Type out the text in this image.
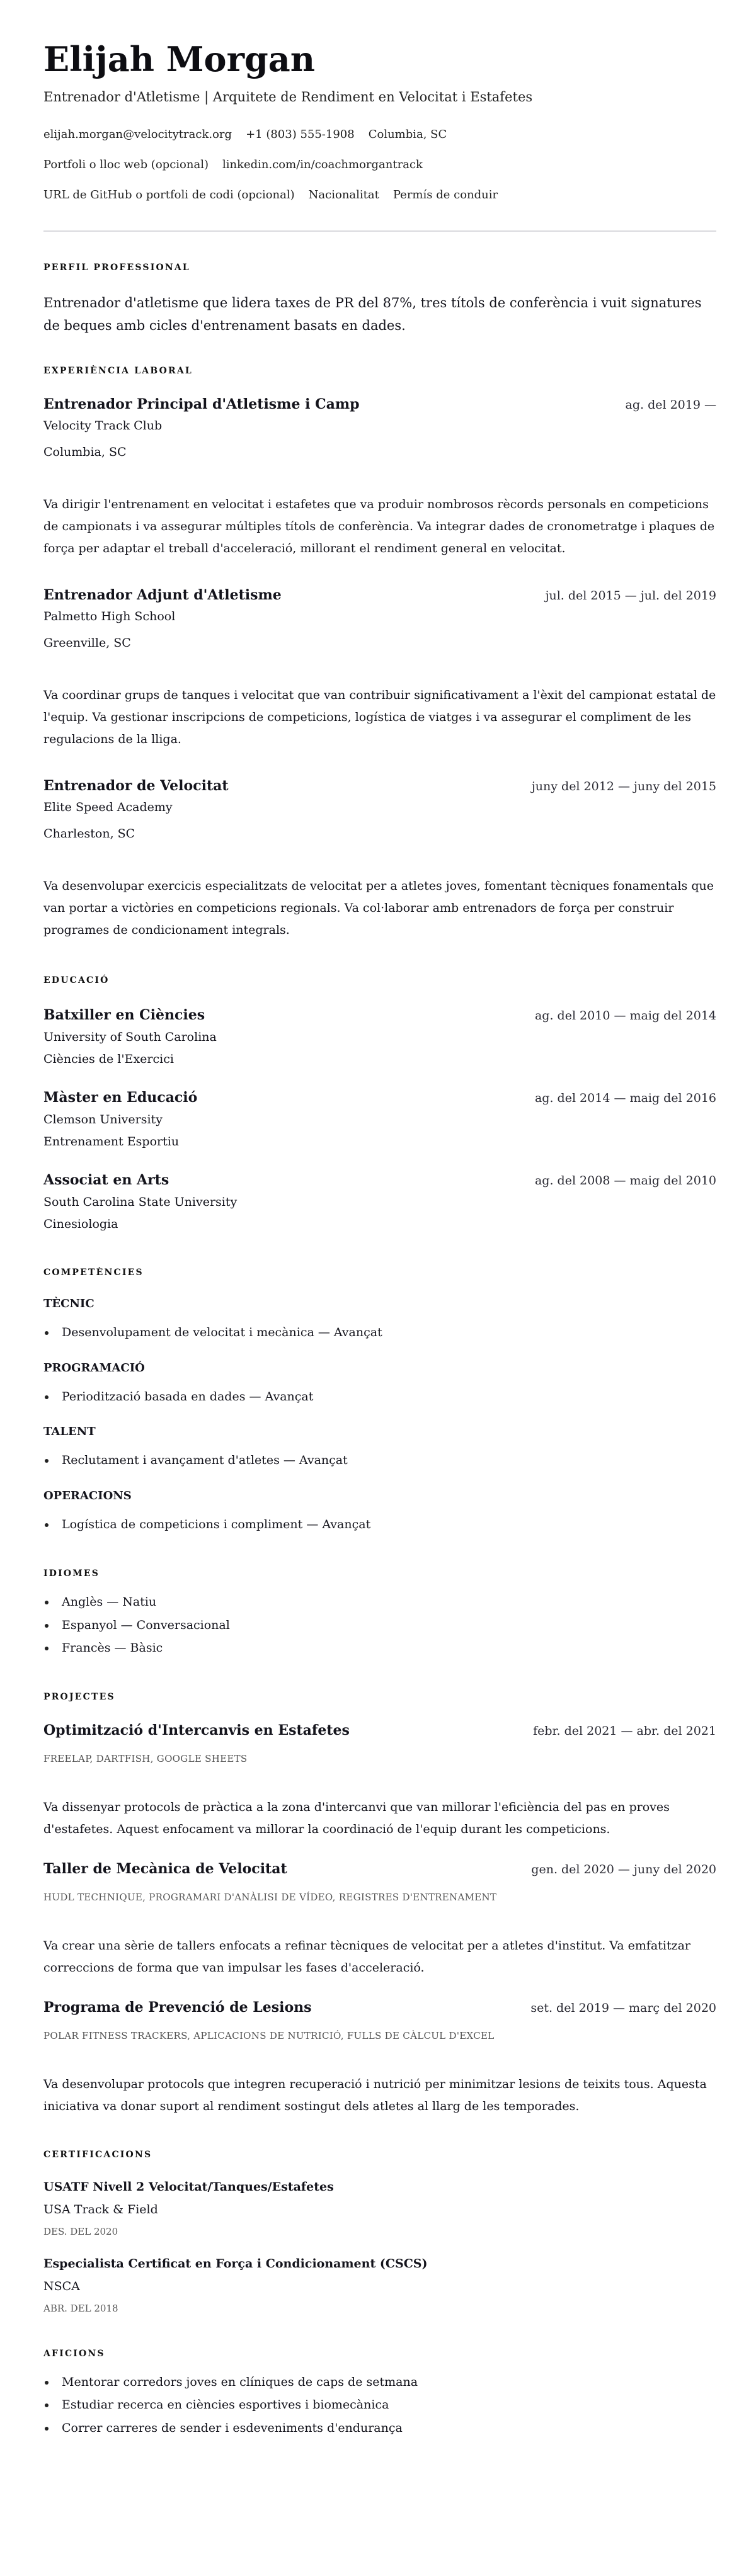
Elijah Morgan
Entrenador d'Atletisme | Arquitete de Rendiment en Velocitat i Estafetes
elijah.morgan@velocitytrack.org +1 (803) 555-1908 Columbia, SC
Portfoli o lloc web (opcional) linkedin.com/in/coachmorgantrack
URL de GitHub o portfoli de codi (opcional) Nacionalitat Permís de conduir
PERFIL PROFESSIONAL

Entrenador d'atletisme que lidera taxes de PR del 87%, tres títols de conferència i vuit signatures de beques amb cicles d'entrenament basats en dades.

EXPERIÈNCIA LABORAL
Entrenador Principal d'Atletisme i Camp	ag. del 2019 —
Velocity Track Club
Columbia, SC
Va dirigir l'entrenament en velocitat i estafetes que va produir nombrosos rècords personals en competicions de campionats i va assegurar múltiples títols de conferència. Va integrar dades de cronometratge i plaques de força per adaptar el treball d'acceleració, millorant el rendiment general en velocitat.
Entrenador Adjunt d'Atletisme	jul. del 2015 — jul. del 2019
Palmetto High School
Greenville, SC
Va coordinar grups de tanques i velocitat que van contribuir significativament a l'èxit del campionat estatal de l'equip. Va gestionar inscripcions de competicions, logística de viatges i va assegurar el compliment de les regulacions de la lliga.
Entrenador de Velocitat	juny del 2012 — juny del 2015
Elite Speed Academy
Charleston, SC
Va desenvolupar exercicis especialitzats de velocitat per a atletes joves, fomentant tècniques fonamentals que van portar a victòries en competicions regionals. Va col·laborar amb entrenadors de força per construir programes de condicionament integrals.
EDUCACIÓ
Batxiller en Ciències	ag. del 2010 — maig del 2014
University of South Carolina
Ciències de l'Exercici
Màster en Educació	ag. del 2014 — maig del 2016
Clemson University
Entrenament Esportiu
Associat en Arts	ag. del 2008 — maig del 2010
South Carolina State University
Cinesiologia
COMPETÈNCIES
TÈCNIC
Desenvolupament de velocitat i mecànica — Avançat
PROGRAMACIÓ
Periodització basada en dades — Avançat
TALENT
Reclutament i avançament d'atletes — Avançat
OPERACIONS
Logística de competicions i compliment — Avançat
IDIOMES
Anglès — Natiu
Espanyol — Conversacional
Francès — Bàsic
PROJECTES
Optimització d'Intercanvis en Estafetes	febr. del 2021 — abr. del 2021
FREELAP, DARTFISH, GOOGLE SHEETS
Va dissenyar protocols de pràctica a la zona d'intercanvi que van millorar l'eficiència del pas en proves d'estafetes. Aquest enfocament va millorar la coordinació de l'equip durant les competicions.
Taller de Mecànica de Velocitat	gen. del 2020 — juny del 2020
HUDL TECHNIQUE, PROGRAMARI D'ANÀLISI DE VÍDEO, REGISTRES D'ENTRENAMENT
Va crear una sèrie de tallers enfocats a refinar tècniques de velocitat per a atletes d'institut. Va emfatitzar correccions de forma que van impulsar les fases d'acceleració.
Programa de Prevenció de Lesions	set. del 2019 — març del 2020
POLAR FITNESS TRACKERS, APLICACIONS DE NUTRICIÓ, FULLS DE CÀLCUL D'EXCEL
Va desenvolupar protocols que integren recuperació i nutrició per minimitzar lesions de teixits tous. Aquesta iniciativa va donar suport al rendiment sostingut dels atletes al llarg de les temporades.
CERTIFICACIONS
USATF Nivell 2 Velocitat/Tanques/Estafetes
USA Track & Field
DES. DEL 2020
Especialista Certificat en Força i Condicionament (CSCS)
NSCA
ABR. DEL 2018
AFICIONS
Mentorar corredors joves en clíniques de caps de setmana
Estudiar recerca en ciències esportives i biomecànica
Correr carreres de sender i esdeveniments d'endurança
